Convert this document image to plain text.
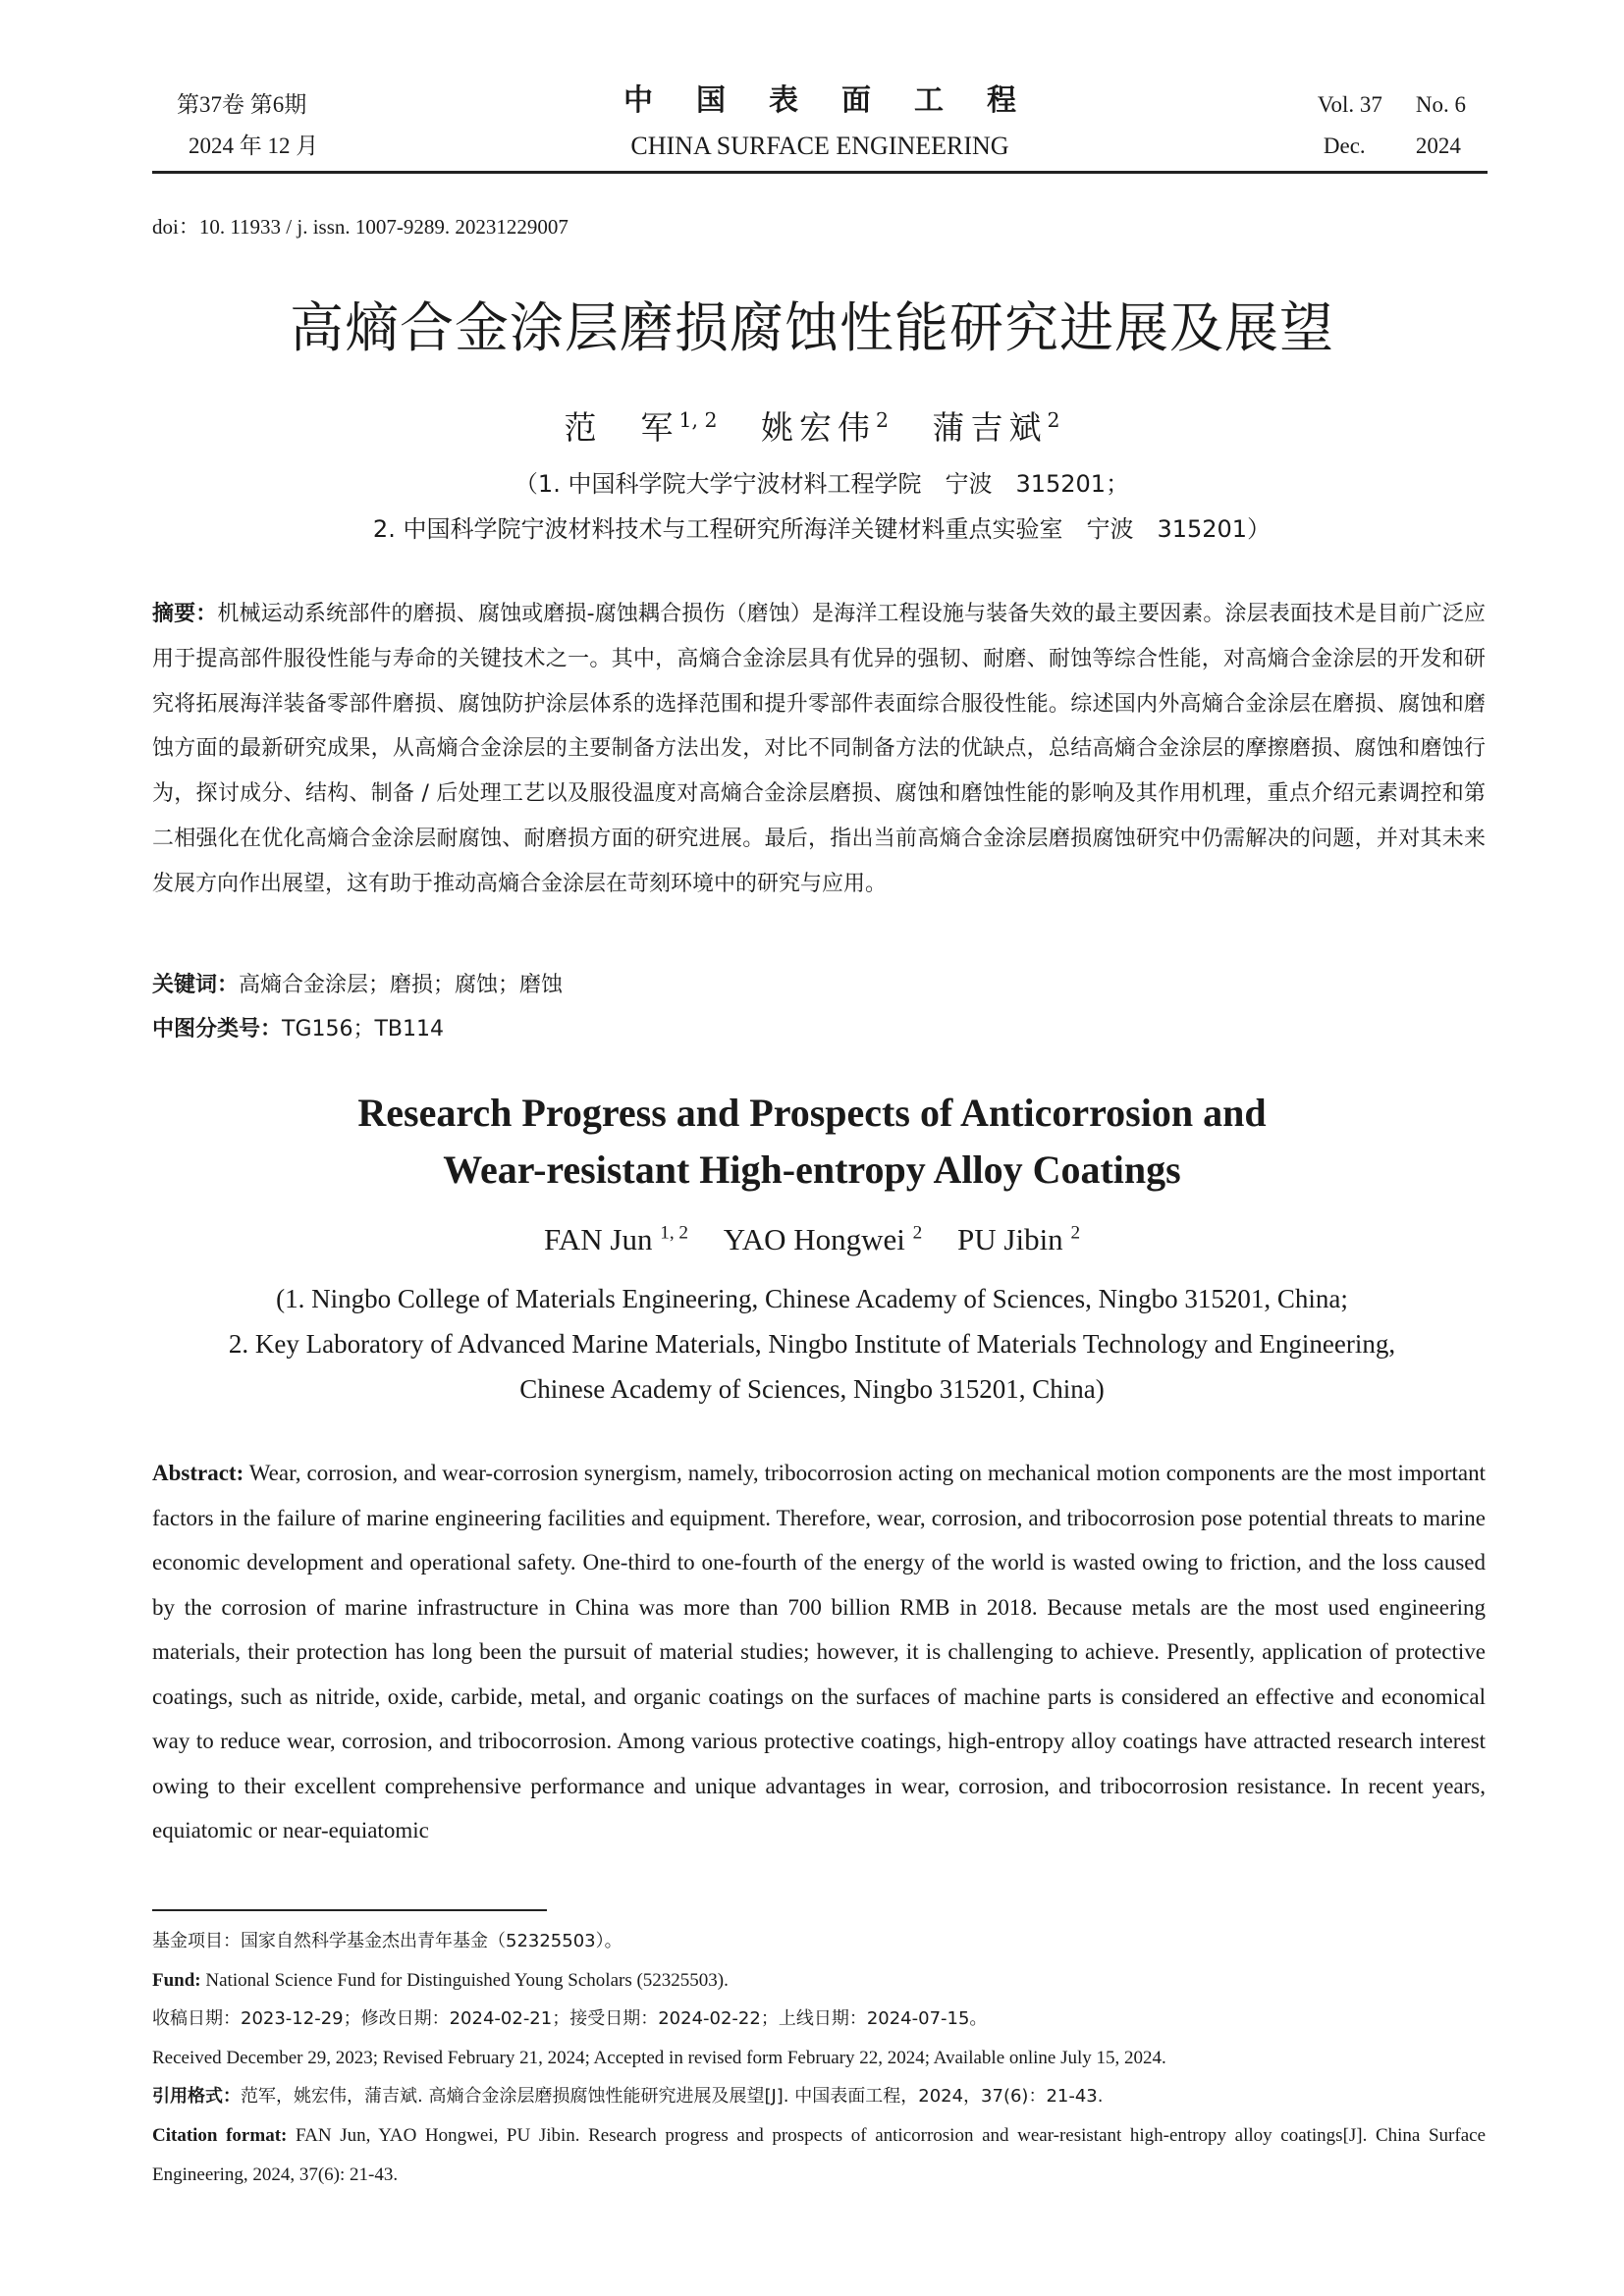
第37卷 第6期
2024 年 12 月
中国表面工程
CHINA SURFACE ENGINEERING
Vol. 37 No. 6
Dec. 2024
doi：10. 11933 / j. issn. 1007-9289. 20231229007
高熵合金涂层磨损腐蚀性能研究进展及展望
范　军$^{1, 2}$ 姚宏伟$^2$ 蒲吉斌$^2$
（1. 中国科学院大学宁波材料工程学院　宁波　315201；
2. 中国科学院宁波材料技术与工程研究所海洋关键材料重点实验室　宁波　315201）
摘要：机械运动系统部件的磨损、腐蚀或磨损-腐蚀耦合损伤（磨蚀）是海洋工程设施与装备失效的最主要因素。涂层表面技术是目前广泛应用于提高部件服役性能与寿命的关键技术之一。其中，高熵合金涂层具有优异的强韧、耐磨、耐蚀等综合性能，对高熵合金涂层的开发和研究将拓展海洋装备零部件磨损、腐蚀防护涂层体系的选择范围和提升零部件表面综合服役性能。综述国内外高熵合金涂层在磨损、腐蚀和磨蚀方面的最新研究成果，从高熵合金涂层的主要制备方法出发，对比不同制备方法的优缺点，总结高熵合金涂层的摩擦磨损、腐蚀和磨蚀行为，探讨成分、结构、制备 / 后处理工艺以及服役温度对高熵合金涂层磨损、腐蚀和磨蚀性能的影响及其作用机理，重点介绍元素调控和第二相强化在优化高熵合金涂层耐腐蚀、耐磨损方面的研究进展。最后，指出当前高熵合金涂层磨损腐蚀研究中仍需解决的问题，并对其未来发展方向作出展望，这有助于推动高熵合金涂层在苛刻环境中的研究与应用。
关键词：高熵合金涂层；磨损；腐蚀；磨蚀
中图分类号：TG156；TB114
Research Progress and Prospects of Anticorrosion and
Wear-resistant High-entropy Alloy Coatings
FAN Jun $^{1, 2}$ YAO Hongwei $^2$ PU Jibin $^2$
(1. Ningbo College of Materials Engineering, Chinese Academy of Sciences, Ningbo 315201, China;
2. Key Laboratory of Advanced Marine Materials, Ningbo Institute of Materials Technology and Engineering,
Chinese Academy of Sciences, Ningbo 315201, China)
Abstract: Wear, corrosion, and wear-corrosion synergism, namely, tribocorrosion acting on mechanical motion components are the most important factors in the failure of marine engineering facilities and equipment. Therefore, wear, corrosion, and tribocorrosion pose potential threats to marine economic development and operational safety. One-third to one-fourth of the energy of the world is wasted owing to friction, and the loss caused by the corrosion of marine infrastructure in China was more than 700 billion RMB in 2018. Because metals are the most used engineering materials, their protection has long been the pursuit of material studies; however, it is challenging to achieve. Presently, application of protective coatings, such as nitride, oxide, carbide, metal, and organic coatings on the surfaces of machine parts is considered an effective and economical way to reduce wear, corrosion, and tribocorrosion. Among various protective coatings, high-entropy alloy coatings have attracted research interest owing to their excellent comprehensive performance and unique advantages in wear, corrosion, and tribocorrosion resistance. In recent years, equiatomic or near-equiatomic
基金项目：国家自然科学基金杰出青年基金（52325503）。
Fund: National Science Fund for Distinguished Young Scholars (52325503).
收稿日期：2023-12-29；修改日期：2024-02-21；接受日期：2024-02-22；上线日期：2024-07-15。
Received December 29, 2023; Revised February 21, 2024; Accepted in revised form February 22, 2024; Available online July 15, 2024.
引用格式：范军，姚宏伟，蒲吉斌. 高熵合金涂层磨损腐蚀性能研究进展及展望[J]. 中国表面工程，2024，37(6)：21-43.
Citation format: FAN Jun, YAO Hongwei, PU Jibin. Research progress and prospects of anticorrosion and wear-resistant high-entropy alloy coatings[J]. China Surface Engineering, 2024, 37(6): 21-43.
